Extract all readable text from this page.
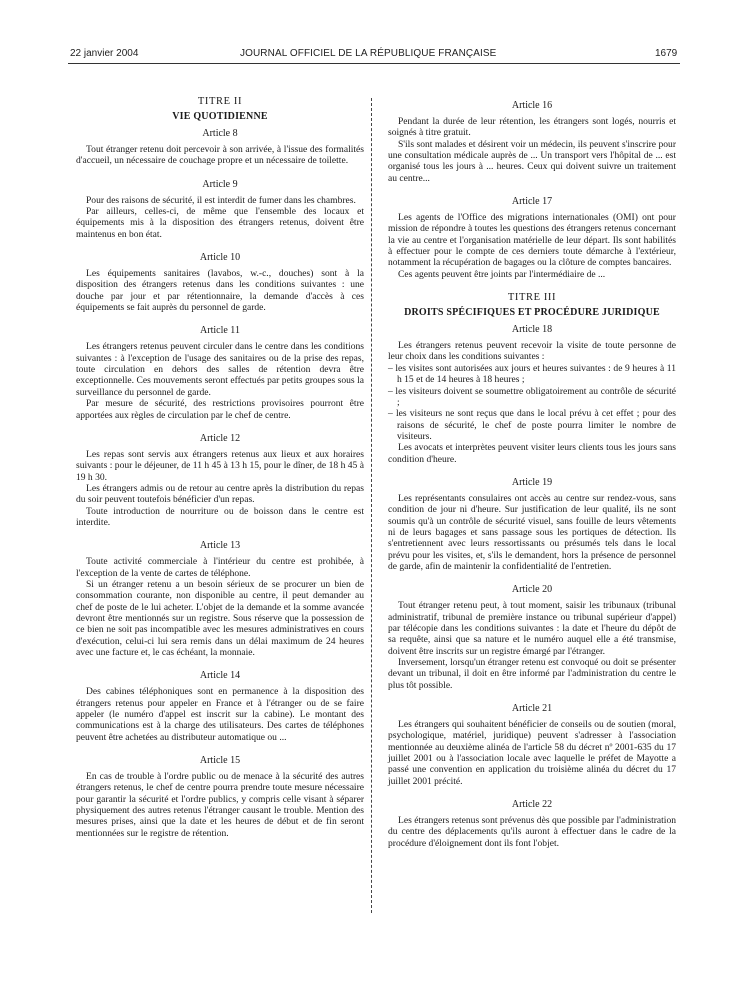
22 janvier 2004	JOURNAL OFFICIEL DE LA RÉPUBLIQUE FRANÇAISE	1679
TITRE II
VIE QUOTIDIENNE
Article 8

Tout étranger retenu doit percevoir à son arrivée, à l'issue des formalités d'accueil, un nécessaire de couchage propre et un nécessaire de toilette.

Article 9

Pour des raisons de sécurité, il est interdit de fumer dans les chambres.

Par ailleurs, celles-ci, de même que l'ensemble des locaux et équipements mis à la disposition des étrangers retenus, doivent être maintenus en bon état.

Article 10

Les équipements sanitaires (lavabos, w.-c., douches) sont à la disposition des étrangers retenus dans les conditions suivantes : une douche par jour et par rétentionnaire, la demande d'accès à ces équipements se fait auprès du personnel de garde.

Article 11

Les étrangers retenus peuvent circuler dans le centre dans les conditions suivantes : à l'exception de l'usage des sanitaires ou de la prise des repas, toute circulation en dehors des salles de rétention devra être exceptionnelle. Ces mouvements seront effectués par petits groupes sous la surveillance du personnel de garde.

Par mesure de sécurité, des restrictions provisoires pourront être apportées aux règles de circulation par le chef de centre.

Article 12

Les repas sont servis aux étrangers retenus aux lieux et aux horaires suivants : pour le déjeuner, de 11 h 45 à 13 h 15, pour le dîner, de 18 h 45 à 19 h 30.

Les étrangers admis ou de retour au centre après la distribution du repas du soir peuvent toutefois bénéficier d'un repas.

Toute introduction de nourriture ou de boisson dans le centre est interdite.

Article 13

Toute activité commerciale à l'intérieur du centre est prohibée, à l'exception de la vente de cartes de téléphone.

Si un étranger retenu a un besoin sérieux de se procurer un bien de consommation courante, non disponible au centre, il peut demander au chef de poste de le lui acheter. L'objet de la demande et la somme avancée devront être mentionnés sur un registre. Sous réserve que la possession de ce bien ne soit pas incompatible avec les mesures administratives en cours d'exécution, celui-ci lui sera remis dans un délai maximum de 24 heures avec une facture et, le cas échéant, la monnaie.

Article 14

Des cabines téléphoniques sont en permanence à la disposition des étrangers retenus pour appeler en France et à l'étranger ou de se faire appeler (le numéro d'appel est inscrit sur la cabine). Le montant des communications est à la charge des utilisateurs. Des cartes de téléphones peuvent être achetées au distributeur automatique ou ...

Article 15

En cas de trouble à l'ordre public ou de menace à la sécurité des autres étrangers retenus, le chef de centre pourra prendre toute mesure nécessaire pour garantir la sécurité et l'ordre publics, y compris celle visant à séparer physiquement des autres retenus l'étranger causant le trouble. Mention des mesures prises, ainsi que la date et les heures de début et de fin seront mentionnées sur le registre de rétention.

Article 16

Pendant la durée de leur rétention, les étrangers sont logés, nourris et soignés à titre gratuit.

S'ils sont malades et désirent voir un médecin, ils peuvent s'inscrire pour une consultation médicale auprès de ... Un transport vers l'hôpital de ... est organisé tous les jours à ... heures. Ceux qui doivent suivre un traitement au centre...

Article 17

Les agents de l'Office des migrations internationales (OMI) ont pour mission de répondre à toutes les questions des étrangers retenus concernant la vie au centre et l'organisation matérielle de leur départ. Ils sont habilités à effectuer pour le compte de ces derniers toute démarche à l'extérieur, notamment la récupération de bagages ou la clôture de comptes bancaires.

Ces agents peuvent être joints par l'intermédiaire de ...

TITRE III
DROITS SPÉCIFIQUES ET PROCÉDURE JURIDIQUE
Article 18

Les étrangers retenus peuvent recevoir la visite de toute personne de leur choix dans les conditions suivantes :

– les visites sont autorisées aux jours et heures suivantes : de 9 heures à 11 h 15 et de 14 heures à 18 heures ;
– les visiteurs doivent se soumettre obligatoirement au contrôle de sécurité ;
– les visiteurs ne sont reçus que dans le local prévu à cet effet ; pour des raisons de sécurité, le chef de poste pourra limiter le nombre de visiteurs.

Les avocats et interprètes peuvent visiter leurs clients tous les jours sans condition d'heure.

Article 19

Les représentants consulaires ont accès au centre sur rendez-vous, sans condition de jour ni d'heure. Sur justification de leur qualité, ils ne sont soumis qu'à un contrôle de sécurité visuel, sans fouille de leurs vêtements ni de leurs bagages et sans passage sous les portiques de détection. Ils s'entretiennent avec leurs ressortissants ou présumés tels dans le local prévu pour les visites, et, s'ils le demandent, hors la présence de personnel de garde, afin de maintenir la confidentialité de l'entretien.

Article 20

Tout étranger retenu peut, à tout moment, saisir les tribunaux (tribunal administratif, tribunal de première instance ou tribunal supérieur d'appel) par télécopie dans les conditions suivantes : la date et l'heure du dépôt de sa requête, ainsi que sa nature et le numéro auquel elle a été transmise, doivent être inscrits sur un registre émargé par l'étranger.

Inversement, lorsqu'un étranger retenu est convoqué ou doit se présenter devant un tribunal, il doit en être informé par l'administration du centre le plus tôt possible.

Article 21

Les étrangers qui souhaitent bénéficier de conseils ou de soutien (moral, psychologique, matériel, juridique) peuvent s'adresser à l'association mentionnée au deuxième alinéa de l'article 58 du décret nº 2001-635 du 17 juillet 2001 ou à l'association locale avec laquelle le préfet de Mayotte a passé une convention en application du troisième alinéa du décret du 17 juillet 2001 précité.

Article 22

Les étrangers retenus sont prévenus dès que possible par l'administration du centre des déplacements qu'ils auront à effectuer dans le cadre de la procédure d'éloignement dont ils font l'objet.
